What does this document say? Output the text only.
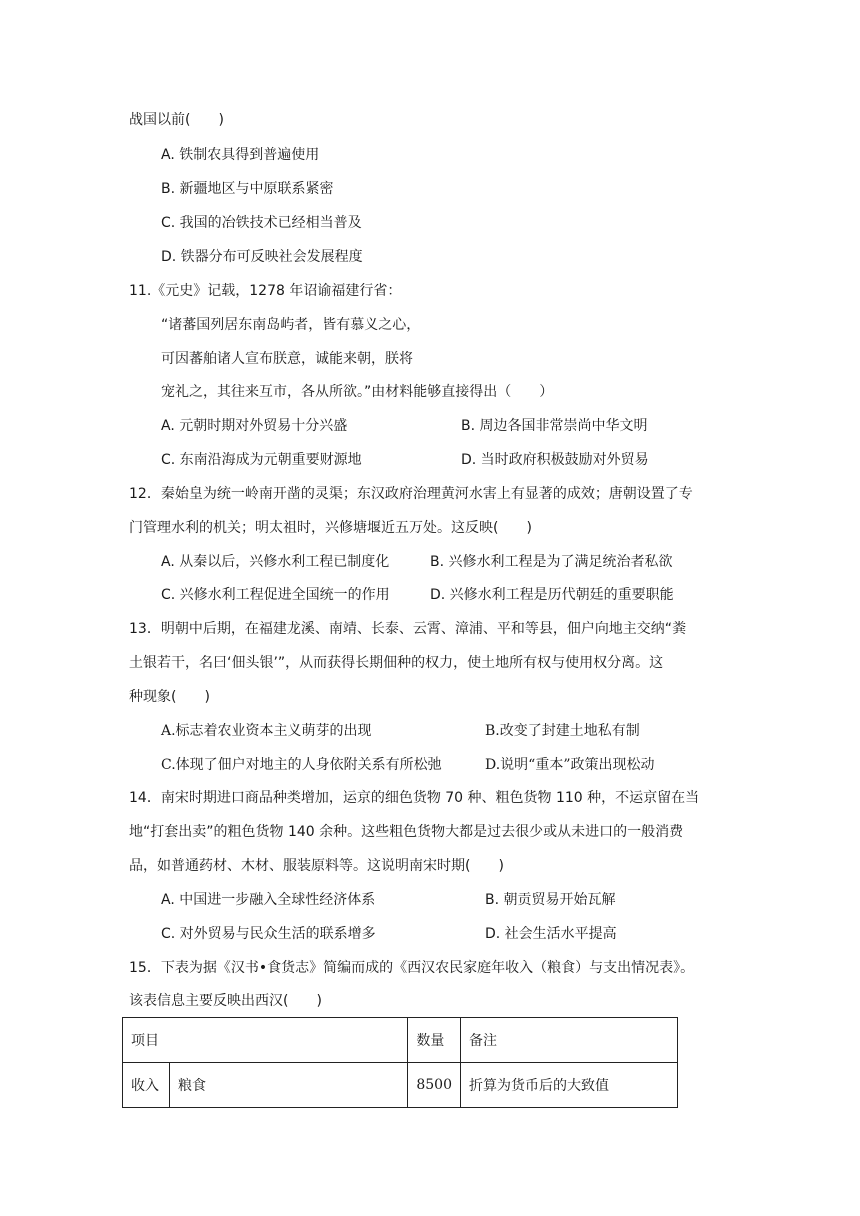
战国以前(　　)
A. 铁制农具得到普遍使用
B. 新疆地区与中原联系紧密
C. 我国的冶铁技术已经相当普及
D. 铁器分布可反映社会发展程度
11.《元史》记载，1278 年诏谕福建行省：
“诸蕃国列居东南岛屿者，皆有慕义之心，
可因蕃舶诸人宣布朕意，诚能来朝，朕将
宠礼之，其往来互市，各从所欲。”由材料能够直接得出（　　）
A. 元朝时期对外贸易十分兴盛	B. 周边各国非常崇尚中华文明
C. 东南沿海成为元朝重要财源地	D. 当时政府积极鼓励对外贸易
12．秦始皇为统一岭南开凿的灵渠；东汉政府治理黄河水害上有显著的成效；唐朝设置了专
门管理水利的机关；明太祖时，兴修塘堰近五万处。这反映(　　)
A. 从秦以后，兴修水利工程已制度化	B. 兴修水利工程是为了满足统治者私欲
C. 兴修水利工程促进全国统一的作用	D. 兴修水利工程是历代朝廷的重要职能
13．明朝中后期，在福建龙溪、南靖、长泰、云霄、漳浦、平和等县，佃户向地主交纳“粪
土银若干，名曰‘佃头银’”，从而获得长期佃种的权力，使土地所有权与使用权分离。这
种现象(　　)
A.标志着农业资本主义萌芽的出现	B.改变了封建土地私有制
C.体现了佃户对地主的人身依附关系有所松弛	D.说明“重本”政策出现松动
14．南宋时期进口商品种类增加，运京的细色货物 70 种、粗色货物 110 种，不运京留在当
地“打套出卖”的粗色货物 140 余种。这些粗色货物大都是过去很少或从未进口的一般消费
品，如普通药材、木材、服装原料等。这说明南宋时期(　　)
A. 中国进一步融入全球性经济体系	B. 朝贡贸易开始瓦解
C. 对外贸易与民众生活的联系增多	D. 社会生活水平提高
15．下表为据《汉书•食货志》简编而成的《西汉农民家庭年收入（粮食）与支出情况表》。
该表信息主要反映出西汉(　　)
项目		数量	备注
收入	粮食	8500	折算为货币后的大致值
